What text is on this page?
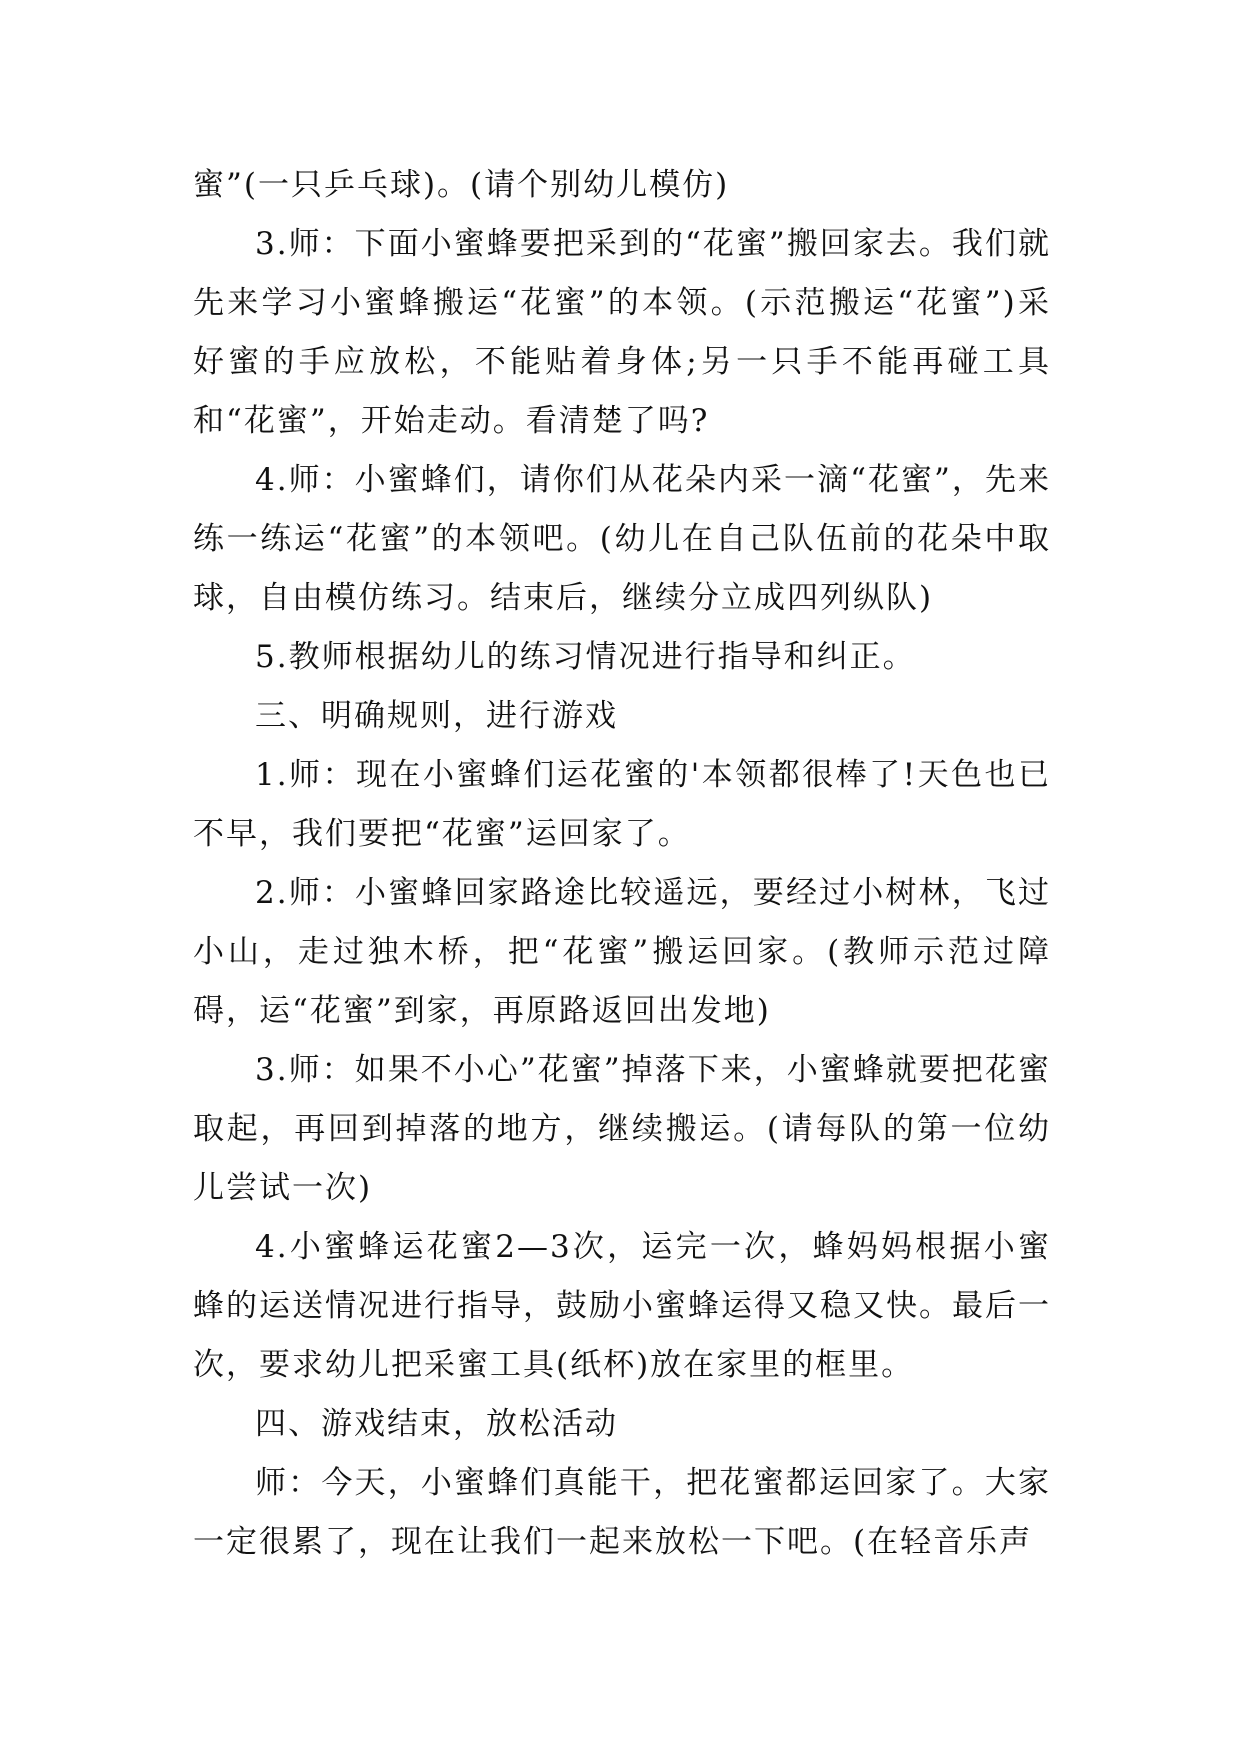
蜜”(一只乒乓球)。(请个别幼儿模仿)

3.师：下面小蜜蜂要把采到的“花蜜”搬回家去。我们就先来学习小蜜蜂搬运“花蜜”的本领。(示范搬运“花蜜”)采好蜜的手应放松，不能贴着身体;另一只手不能再碰工具和“花蜜”，开始走动。看清楚了吗?

4.师：小蜜蜂们，请你们从花朵内采一滴“花蜜”，先来练一练运“花蜜”的本领吧。(幼儿在自己队伍前的花朵中取球，自由模仿练习。结束后，继续分立成四列纵队)

5.教师根据幼儿的练习情况进行指导和纠正。

三、明确规则，进行游戏

1.师：现在小蜜蜂们运花蜜的'本领都很棒了!天色也已不早，我们要把“花蜜”运回家了。

2.师：小蜜蜂回家路途比较遥远，要经过小树林，飞过小山，走过独木桥，把“花蜜”搬运回家。(教师示范过障碍，运“花蜜”到家，再原路返回出发地)

3.师：如果不小心”花蜜”掉落下来，小蜜蜂就要把花蜜取起，再回到掉落的地方，继续搬运。(请每队的第一位幼儿尝试一次)

4.小蜜蜂运花蜜2—3次，运完一次，蜂妈妈根据小蜜蜂的运送情况进行指导，鼓励小蜜蜂运得又稳又快。最后一次，要求幼儿把采蜜工具(纸杯)放在家里的框里。

四、游戏结束，放松活动

师：今天，小蜜蜂们真能干，把花蜜都运回家了。大家一定很累了，现在让我们一起来放松一下吧。(在轻音乐声
